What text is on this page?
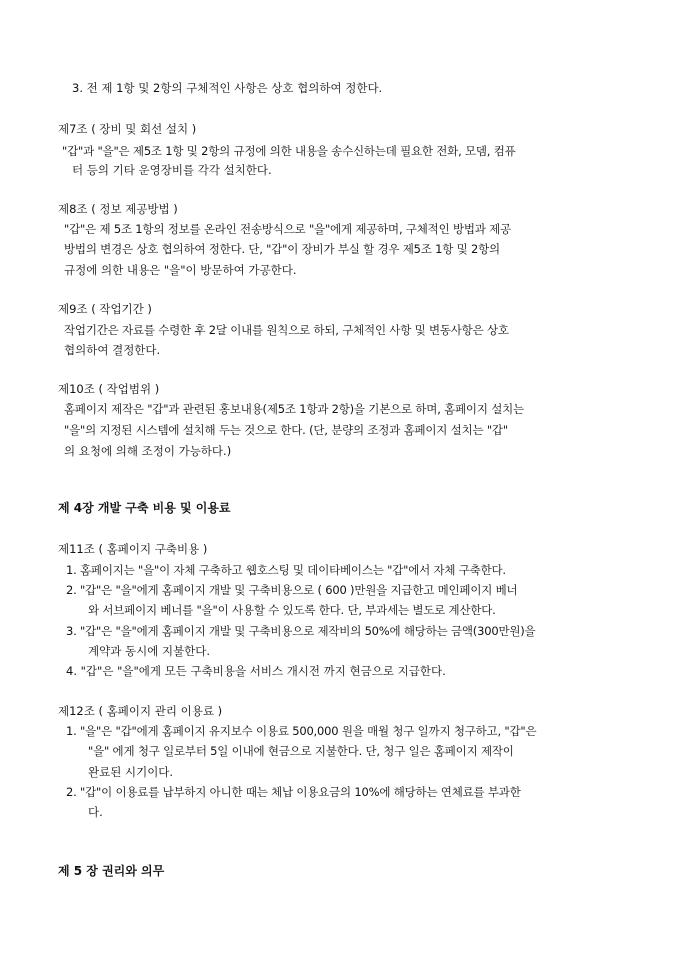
3. 전 제 1항 및 2항의 구체적인 사항은 상호 협의하여 정한다.
제7조 ( 장비 및 회선 설치 )
"갑"과 "을"은 제5조 1항 및 2항의 규정에 의한 내용을 송수신하는데 필요한 전화, 모뎀, 컴퓨
터 등의 기타 운영장비를 각각 설치한다.
제8조 ( 정보 제공방법 )
"갑"은 제 5조 1항의 정보를 온라인 전송방식으로 "을"에게 제공하며, 구체적인 방법과 제공
방법의 변경은 상호 협의하여 정한다. 단, "갑"이 장비가 부실 할 경우 제5조 1항 및 2항의
규정에 의한 내용은 "을"이 방문하여 가공한다.
제9조 ( 작업기간 )
작업기간은 자료를 수령한 후 2달 이내를 원칙으로 하되, 구체적인 사항 및 변동사항은 상호
협의하여 결정한다.
제10조 ( 작업범위 )
홈페이지 제작은 "갑"과 관련된 홍보내용(제5조 1항과 2항)을 기본으로 하며, 홈페이지 설치는
"을"의 지정된 시스템에 설치해 두는 것으로 한다. (단, 분량의 조정과 홈페이지 설치는 "갑"
의 요청에 의해 조정이 가능하다.)
제 4장 개발 구축 비용 및 이용료
제11조 ( 홈페이지 구축비용 )
1. 홈페이지는 "을"이 자체 구축하고 웹호스팅 및 데이타베이스는 "갑"에서 자체 구축한다.
2. "갑"은 "을"에게 홈페이지 개발 및 구축비용으로 ( 600 )만원을 지급한고 메인페이지 베너
와 서브페이지 베너를 "을"이 사용할 수 있도록 한다. 단, 부과세는 별도로 계산한다.
3. "갑"은 "을"에게 홈페이지 개발 및 구축비용으로 제작비의 50%에 해당하는 금액(300만원)을
계약과 동시에 지불한다.
4. "갑"은 "을"에게 모든 구축비용을 서비스 개시전 까지 현금으로 지급한다.
제12조 ( 홈페이지 관리 이용료 )
1. "을"은 "갑"에게 홈페이지 유지보수 이용료 500,000 원을 매월 청구 일까지 청구하고, "갑"은
"을" 에게 청구 일로부터 5일 이내에 현금으로 지불한다. 단, 청구 일은 홈페이지 제작이
완료된 시기이다.
2. "갑"이 이용료를 납부하지 아니한 때는 체납 이용요금의 10%에 해당하는 연체료를 부과한
다.
제 5 장 권리와 의무
